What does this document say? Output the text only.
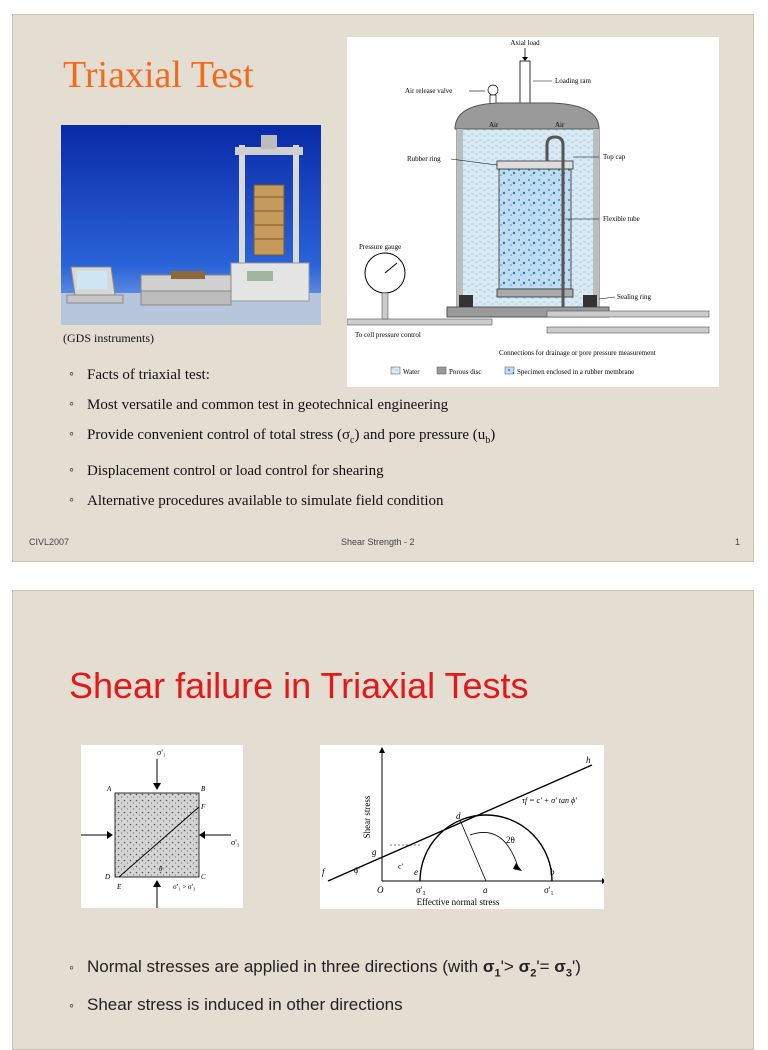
Triaxial Test
(GDS instruments)
Axial load
Loading ram
Air release valve
Air	Air
Rubber ring	Top cap
Flexible tube
Sealing ring
Pressure gauge
To cell pressure control
Connections for drainage or pore pressure measurement
Water	Porous disc	Specimen enclosed in a rubber membrane
◦ Facts of triaxial test:
◦ Most versatile and common test in geotechnical engineering
◦ Provide convenient control of total stress $(\sigma_c)$ and pore pressure $(u_b)$
◦ Displacement control or load control for shearing
◦ Alternative procedures available to simulate field condition
CIVL2007	Shear Strength - 2	1
Shear failure in Triaxial Tests
σ'₁
σ'₃
A	B
F
D
E
C
θ
σ'₁ > σ'₃
Shear stress
Effective normal stress
h
d
g
f	e	b
a
O	σ'₃	σ'₁
ϕ'	c'
2θ
τf = c' + σ' tan ϕ'
◦ Normal stresses are applied in three directions (with $\sigma_1'> \sigma_2'= \sigma_3'$)
◦ Shear stress is induced in other directions
